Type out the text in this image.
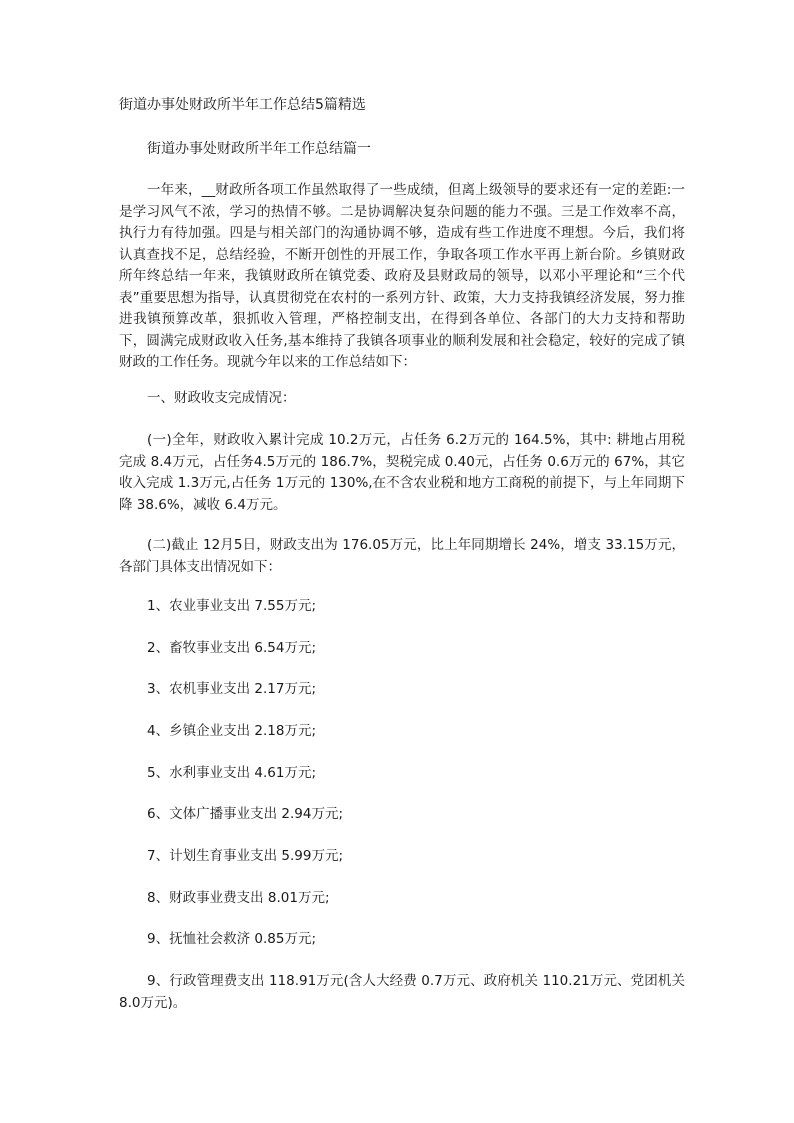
街道办事处财政所半年工作总结5篇精选
街道办事处财政所半年工作总结篇一

一年来，__财政所各项工作虽然取得了一些成绩，但离上级领导的要求还有一定的差距:一是学习风气不浓，学习的热情不够。二是协调解决复杂问题的能力不强。三是工作效率不高，执行力有待加强。四是与相关部门的沟通协调不够，造成有些工作进度不理想。今后，我们将认真查找不足，总结经验，不断开创性的开展工作，争取各项工作水平再上新台阶。乡镇财政所年终总结一年来，我镇财政所在镇党委、政府及县财政局的领导，以邓小平理论和“三个代表”重要思想为指导，认真贯彻党在农村的一系列方针、政策，大力支持我镇经济发展，努力推进我镇预算改革，狠抓收入管理，严格控制支出，在得到各单位、各部门的大力支持和帮助下，圆满完成财政收入任务,基本维持了我镇各项事业的顺利发展和社会稳定，较好的完成了镇财政的工作任务。现就今年以来的工作总结如下：

一、财政收支完成情况：

(一)全年，财政收入累计完成 10.2万元，占任务 6.2万元的 164.5%，其中: 耕地占用税完成 8.4万元，占任务4.5万元的 186.7%，契税完成 0.40元，占任务 0.6万元的 67%，其它收入完成 1.3万元,占任务 1万元的 130%,在不含农业税和地方工商税的前提下，与上年同期下降 38.6%，减收 6.4万元。

(二)截止 12月5日，财政支出为 176.05万元，比上年同期增长 24%，增支 33.15万元，各部门具体支出情况如下：

1、农业事业支出 7.55万元;

2、畜牧事业支出 6.54万元;

3、农机事业支出 2.17万元;

4、乡镇企业支出 2.18万元;

5、水利事业支出 4.61万元;

6、文体广播事业支出 2.94万元;

7、计划生育事业支出 5.99万元;

8、财政事业费支出 8.01万元;

9、抚恤社会救济 0.85万元;

9、行政管理费支出 118.91万元(含人大经费 0.7万元、政府机关 110.21万元、党团机关 8.0万元)。
